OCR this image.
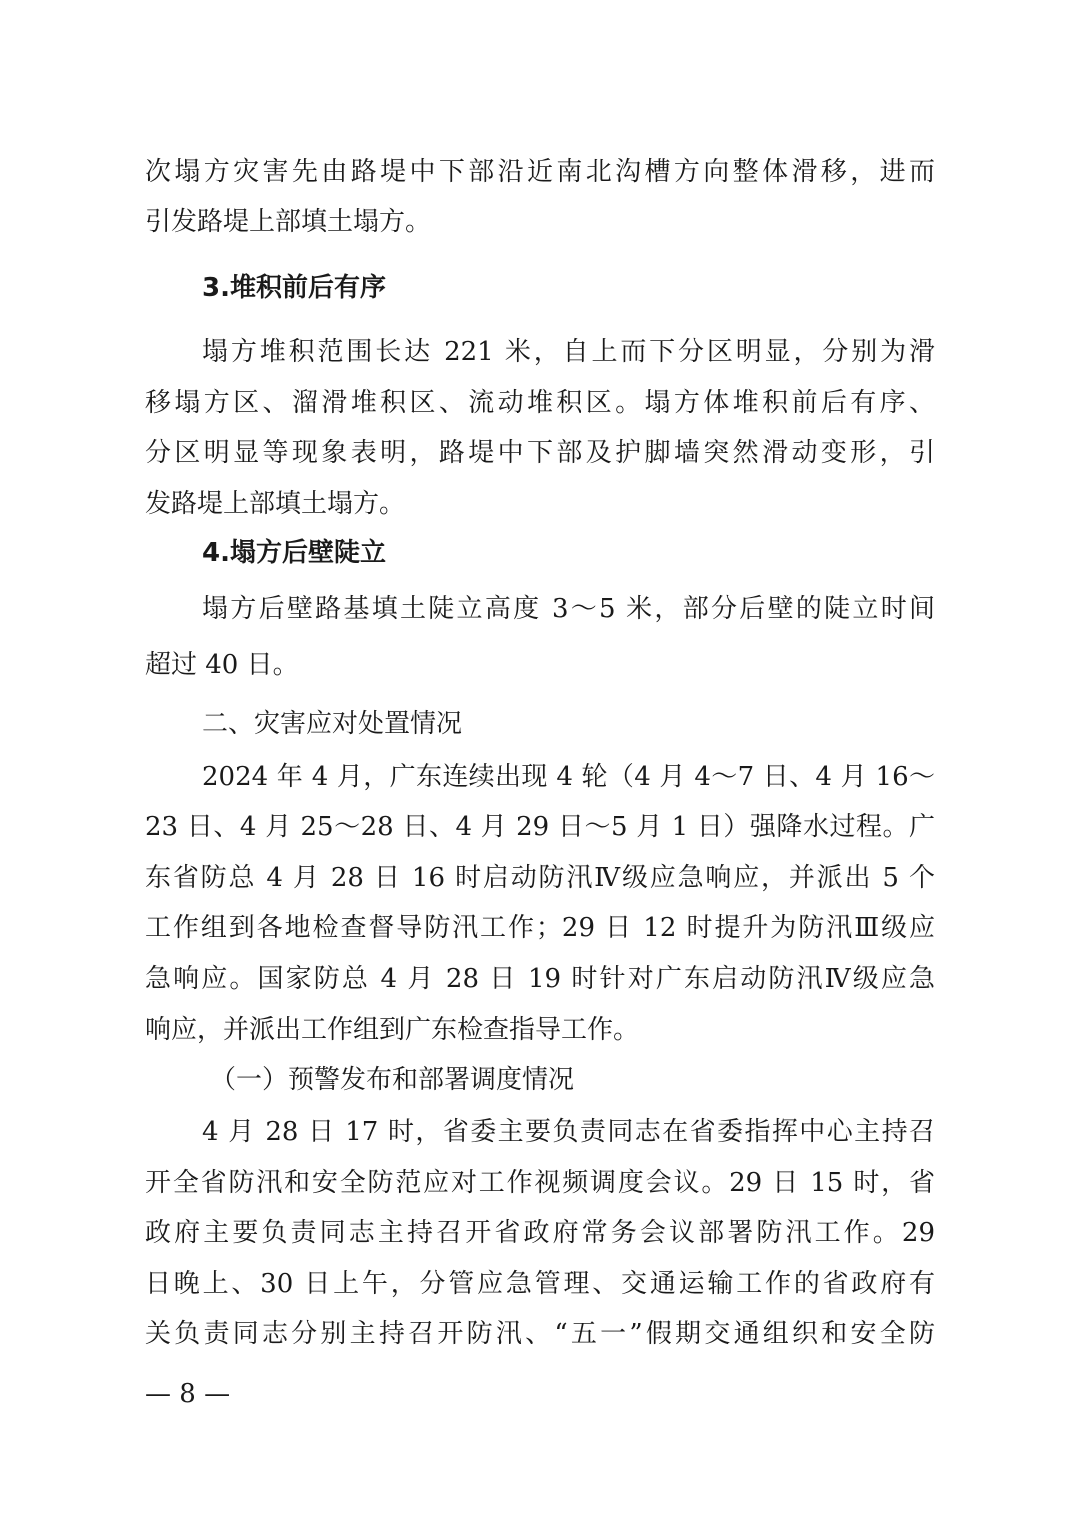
次塌方灾害先由路堤中下部沿近南北沟槽方向整体滑移，进而
引发路堤上部填土塌方。
3.堆积前后有序
塌方堆积范围长达 221 米，自上而下分区明显，分别为滑
移塌方区、溜滑堆积区、流动堆积区。塌方体堆积前后有序、
分区明显等现象表明，路堤中下部及护脚墙突然滑动变形，引
发路堤上部填土塌方。
4.塌方后壁陡立
塌方后壁路基填土陡立高度 3～5 米，部分后壁的陡立时间
超过 40 日。
二、灾害应对处置情况
2024 年 4 月，广东连续出现 4 轮（4 月 4～7 日、4 月 16～
23 日、4 月 25～28 日、4 月 29 日～5 月 1 日）强降水过程。广
东省防总 4 月 28 日 16 时启动防汛Ⅳ级应急响应，并派出 5 个
工作组到各地检查督导防汛工作；29 日 12 时提升为防汛Ⅲ级应
急响应。国家防总 4 月 28 日 19 时针对广东启动防汛Ⅳ级应急
响应，并派出工作组到广东检查指导工作。
（一）预警发布和部署调度情况
4 月 28 日 17 时，省委主要负责同志在省委指挥中心主持召
开全省防汛和安全防范应对工作视频调度会议。29 日 15 时，省
政府主要负责同志主持召开省政府常务会议部署防汛工作。29
日晚上、30 日上午，分管应急管理、交通运输工作的省政府有
关负责同志分别主持召开防汛、“五一”假期交通组织和安全防
— 8 —
